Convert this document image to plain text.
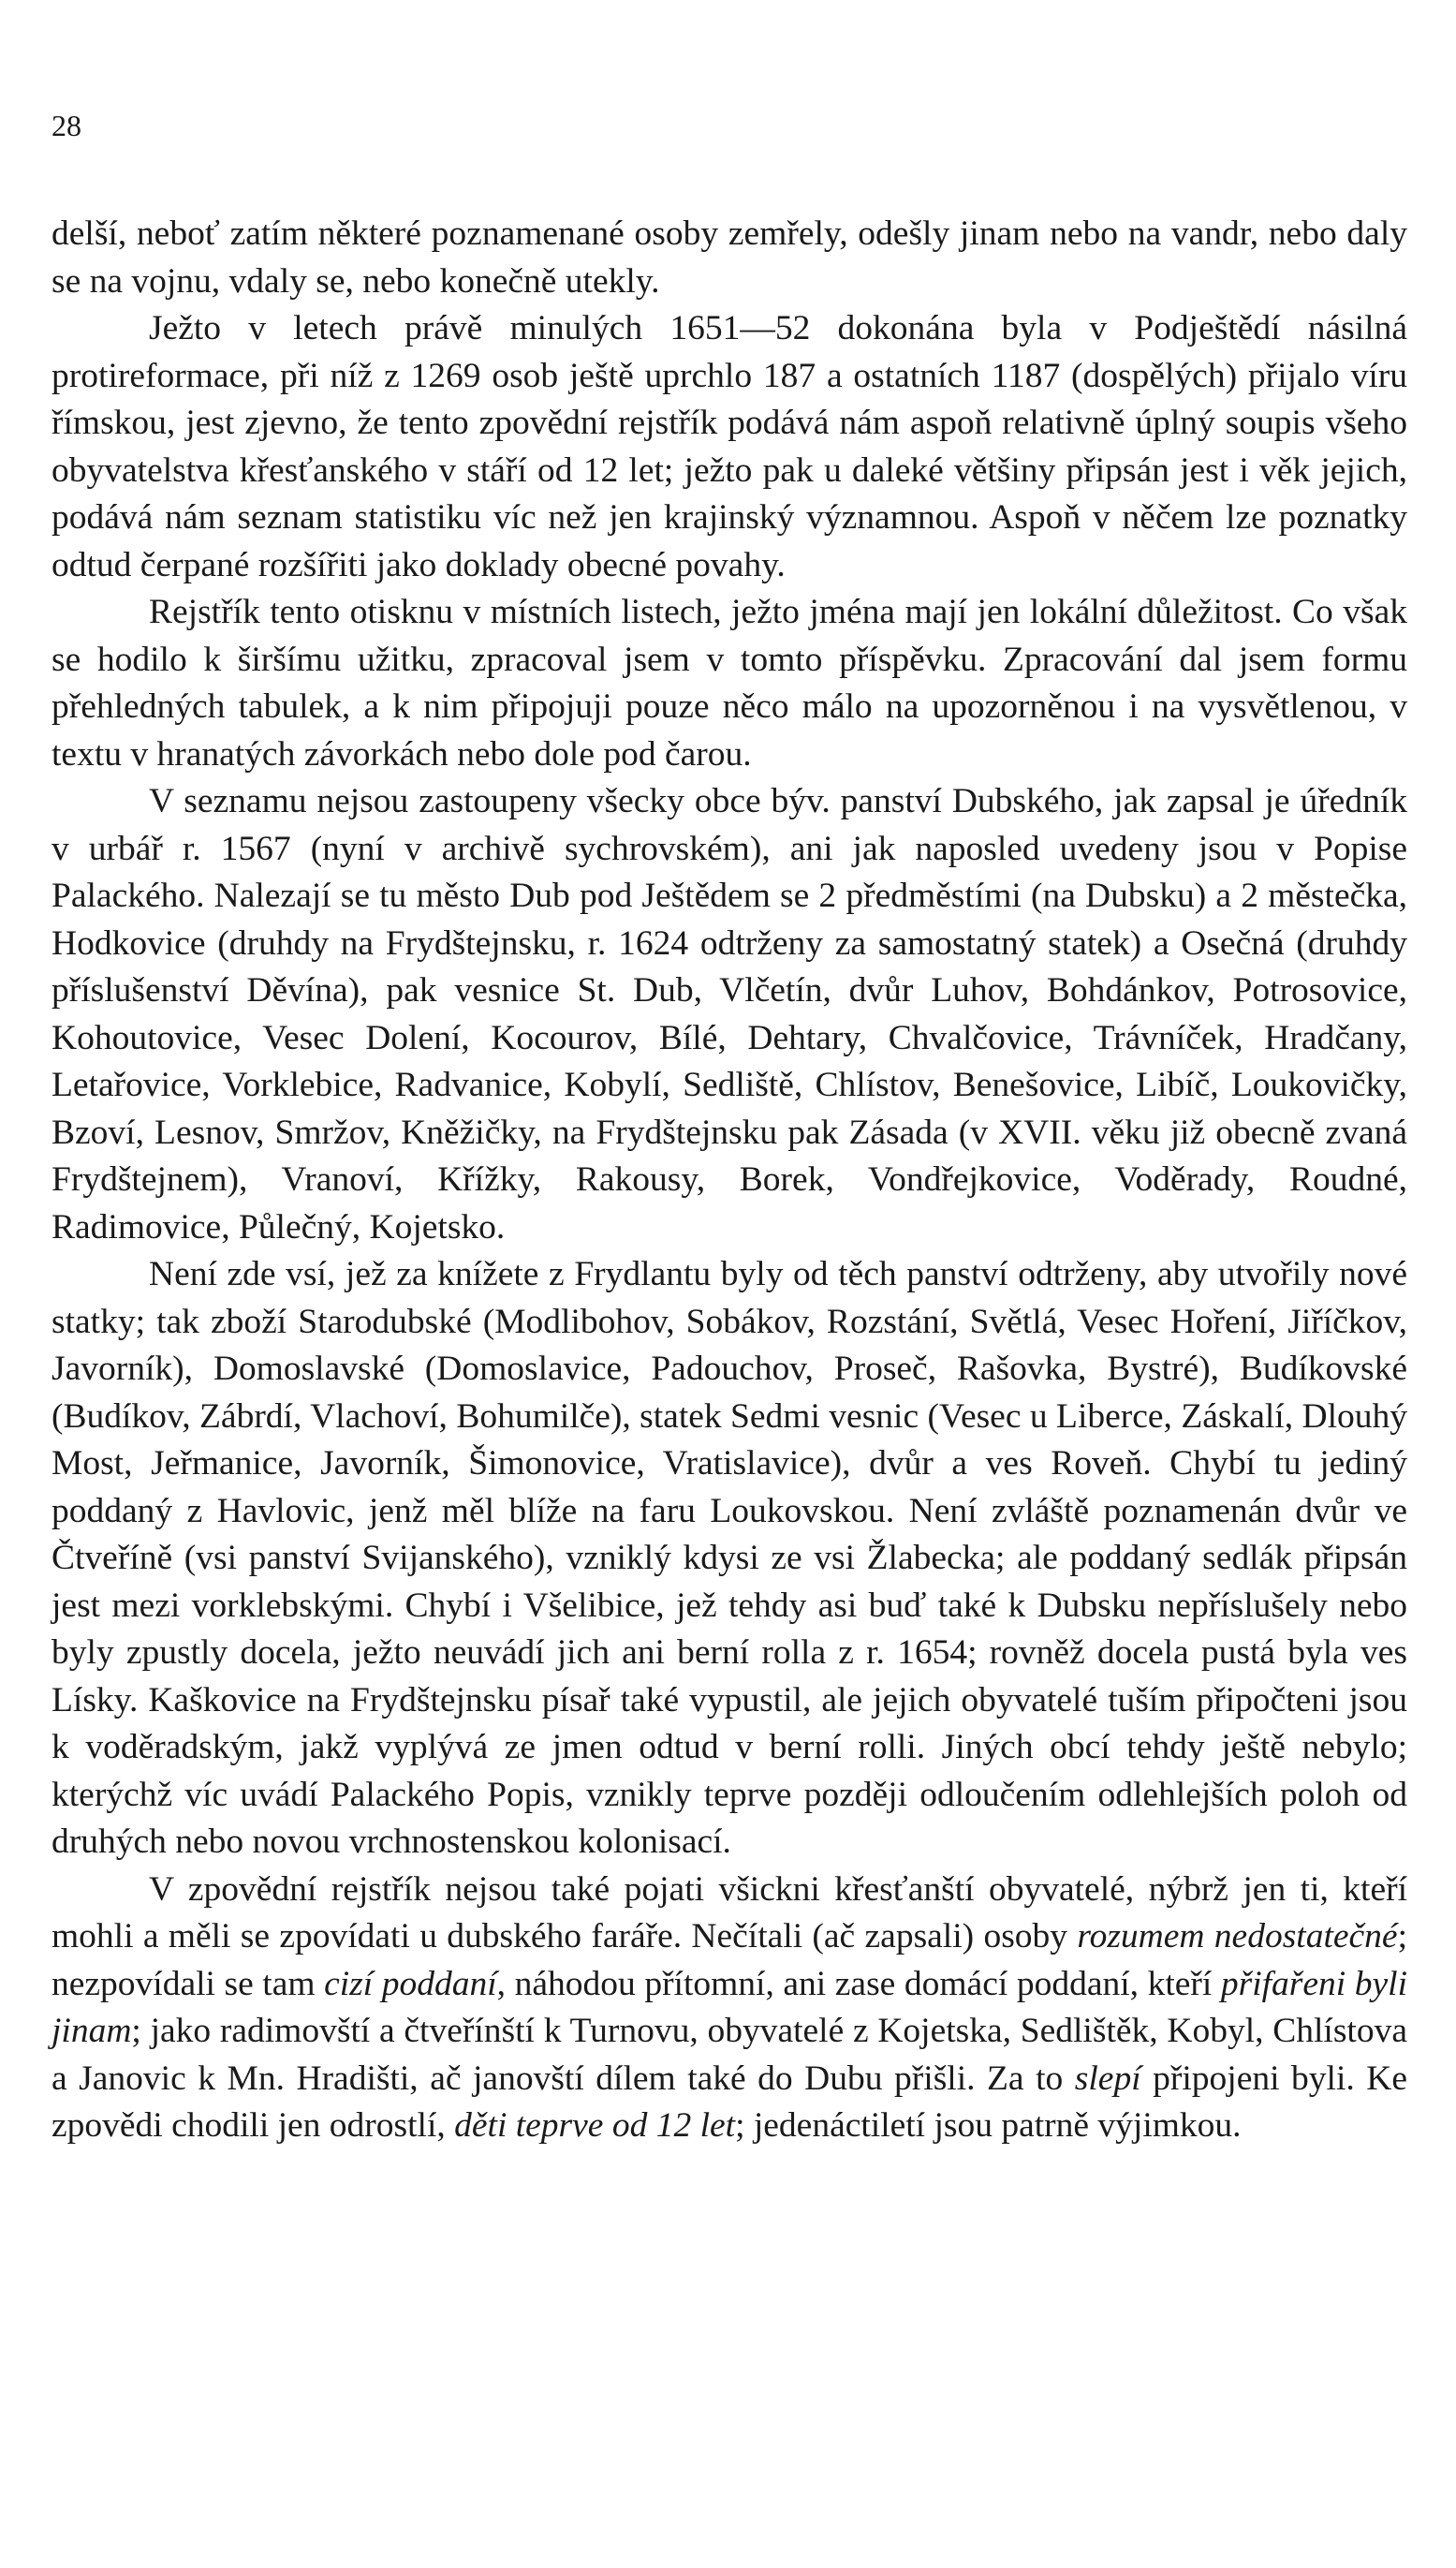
28

delší, neboť zatím některé poznamenané osoby zemřely, odešly jinam nebo na vandr, nebo daly se na vojnu, vdaly se, nebo konečně utekly.

Ježto v letech právě minulých 1651—52 dokonána byla v Podještědí násilná protireformace, při níž z 1269 osob ještě uprchlo 187 a ostatních 1187 (dospělých) přijalo víru římskou, jest zjevno, že tento zpovědní rejstřík podává nám aspoň relativně úplný soupis všeho obyvatelstva křesťanského v stáří od 12 let; ježto pak u daleké většiny připsán jest i věk jejich, podává nám seznam statistiku víc než jen krajinský významnou. Aspoň v něčem lze poznatky odtud čerpané rozšířiti jako doklady obecné povahy.

Rejstřík tento otisknu v místních listech, ježto jména mají jen lokální důležitost. Co však se hodilo k širšímu užitku, zpracoval jsem v tomto příspěvku. Zpracování dal jsem formu přehledných tabulek, a k nim připojuji pouze něco málo na upozorněnou i na vysvětlenou, v textu v hranatých závorkách nebo dole pod čarou.

V seznamu nejsou zastoupeny všecky obce býv. panství Dubského, jak zapsal je úředník v urbář r. 1567 (nyní v archivě sychrovském), ani jak naposled uvedeny jsou v Popise Palackého. Nalezají se tu město Dub pod Ještědem se 2 předměstími (na Dubsku) a 2 městečka, Hodkovice (druhdy na Frydštejnsku, r. 1624 odtrženy za samostatný statek) a Osečná (druhdy příslušenství Děvína), pak vesnice St. Dub, Vlčetín, dvůr Luhov, Bohdánkov, Potrosovice, Kohoutovice, Vesec Dolení, Kocourov, Bílé, Dehtary, Chvalčovice, Trávníček, Hradčany, Letařovice, Vorklebice, Radvanice, Kobylí, Sedliště, Chlístov, Benešovice, Libíč, Loukovičky, Bzoví, Lesnov, Smržov, Kněžičky, na Frydštejnsku pak Zásada (v XVII. věku již obecně zvaná Frydštejnem), Vranoví, Křížky, Rakousy, Borek, Vondřejkovice, Voděrady, Roudné, Radimovice, Půlečný, Kojetsko.

Není zde vsí, jež za knížete z Frydlantu byly od těch panství odtrženy, aby utvořily nové statky; tak zboží Starodubské (Modlibohov, Sobákov, Rozstání, Světlá, Vesec Hoření, Jiříčkov, Javorník), Domoslavské (Domoslavice, Padouchov, Proseč, Rašovka, Bystré), Budíkovské (Budíkov, Zábrdí, Vlachoví, Bohumilče), statek Sedmi vesnic (Vesec u Liberce, Záskalí, Dlouhý Most, Jeřmanice, Javorník, Šimonovice, Vratislavice), dvůr a ves Roveň. Chybí tu jediný poddaný z Havlovic, jenž měl blíže na faru Loukovskou. Není zvláště poznamenán dvůr ve Čtveříně (vsi panství Svijanského), vzniklý kdysi ze vsi Žlabecka; ale poddaný sedlák připsán jest mezi vorklebskými. Chybí i Všelibice, jež tehdy asi buď také k Dubsku nepříslušely nebo byly zpustly docela, ježto neuvádí jich ani berní rolla z r. 1654; rovněž docela pustá byla ves Lísky. Kaškovice na Frydštejnsku písař také vypustil, ale jejich obyvatelé tuším připočteni jsou k voděradským, jakž vyplývá ze jmen odtud v berní rolli. Jiných obcí tehdy ještě nebylo; kterýchž víc uvádí Palackého Popis, vznikly teprve později odloučením odlehlejších poloh od druhých nebo novou vrchnostenskou kolonisací.

V zpovědní rejstřík nejsou také pojati všickni křesťanští obyvatelé, nýbrž jen ti, kteří mohli a měli se zpovídati u dubského faráře. Nečítali (ač zapsali) osoby rozumem nedostatečné; nezpovídali se tam cizí poddaní, náhodou přítomní, ani zase domácí poddaní, kteří přifařeni byli jinam; jako radimovští a čtveřínští k Turnovu, obyvatelé z Kojetska, Sedlištěk, Kobyl, Chlístova a Janovic k Mn. Hradišti, ač janovští dílem také do Dubu přišli. Za to slepí připojeni byli. Ke zpovědi chodili jen odrostlí, děti teprve od 12 let; jedenáctiletí jsou patrně výjimkou.
